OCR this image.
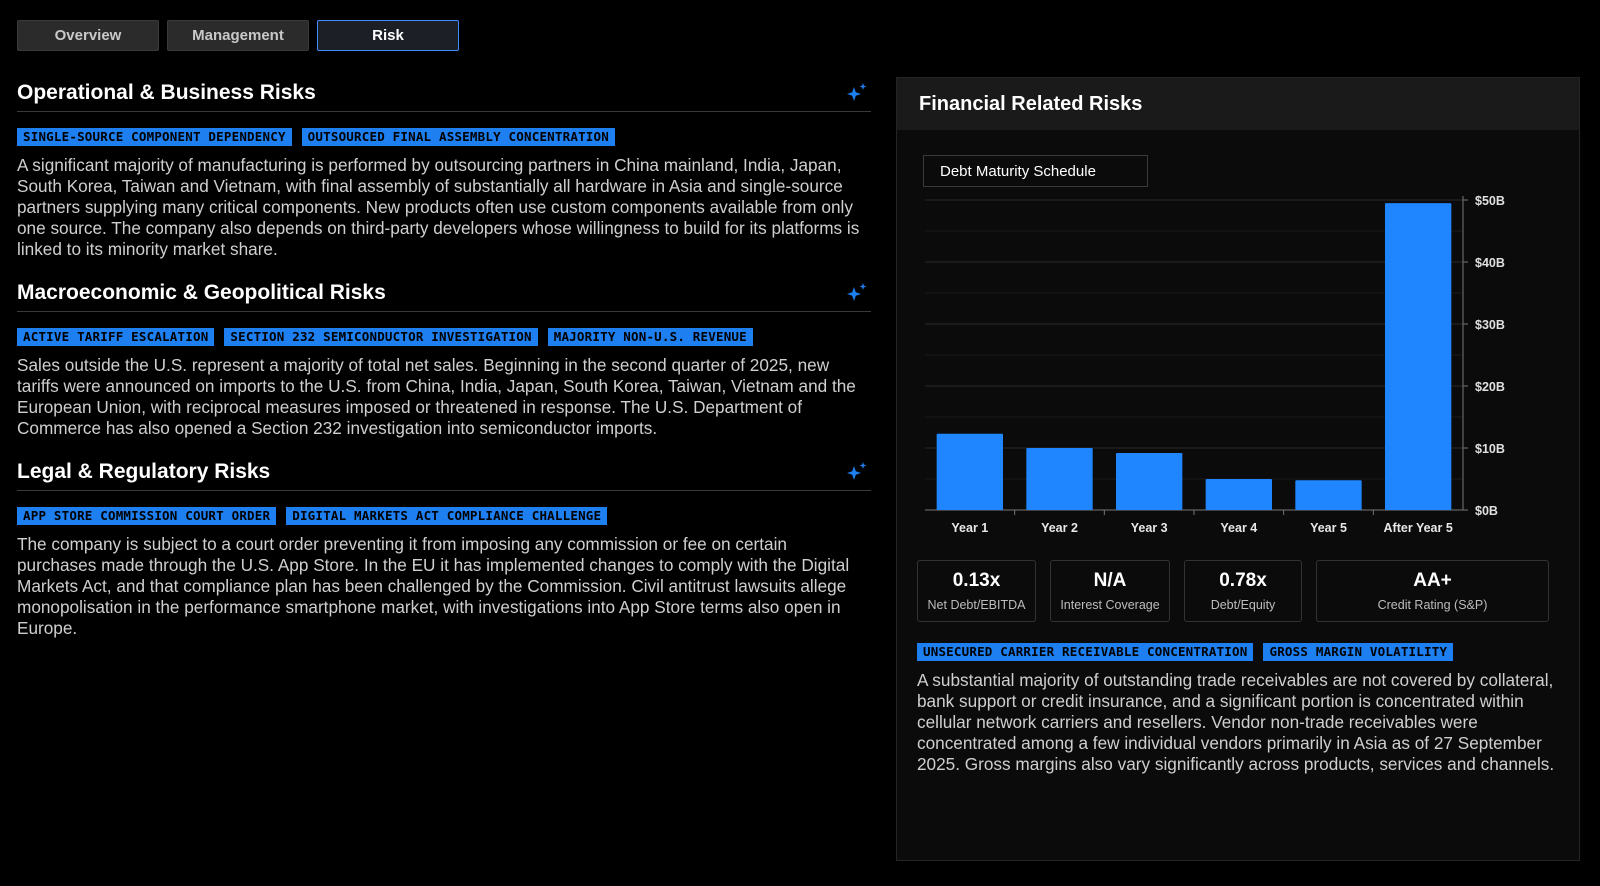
Overview	Management	Risk
Operational & Business Risks
SINGLE-SOURCE COMPONENT DEPENDENCY	OUTSOURCED FINAL ASSEMBLY CONCENTRATION

A significant majority of manufacturing is performed by outsourcing partners in China mainland, India, Japan, South Korea, Taiwan and Vietnam, with final assembly of substantially all hardware in Asia and single-source partners supplying many critical components. New products often use custom components available from only one source. The company also depends on third-party developers whose willingness to build for its platforms is linked to its minority market share.

Macroeconomic & Geopolitical Risks
ACTIVE TARIFF ESCALATION	SECTION 232 SEMICONDUCTOR INVESTIGATION	MAJORITY NON-U.S. REVENUE

Sales outside the U.S. represent a majority of total net sales. Beginning in the second quarter of 2025, new tariffs were announced on imports to the U.S. from China, India, Japan, South Korea, Taiwan, Vietnam and the European Union, with reciprocal measures imposed or threatened in response. The U.S. Department of Commerce has also opened a Section 232 investigation into semiconductor imports.

Legal & Regulatory Risks
APP STORE COMMISSION COURT ORDER	DIGITAL MARKETS ACT COMPLIANCE CHALLENGE

The company is subject to a court order preventing it from imposing any commission or fee on certain purchases made through the U.S. App Store. In the EU it has implemented changes to comply with the Digital Markets Act, and that compliance plan has been challenged by the Commission. Civil antitrust lawsuits allege monopolisation in the performance smartphone market, with investigations into App Store terms also open in Europe.

Financial Related Risks
Debt Maturity Schedule
$0B
$10B
$20B
$30B
$40B
$50B
Year 1	Year 2	Year 3	Year 4	Year 5	After Year 5
0.13x
Net Debt/EBITDA
N/A
Interest Coverage
0.78x
Debt/Equity
AA+
Credit Rating (S&P)
UNSECURED CARRIER RECEIVABLE CONCENTRATION	GROSS MARGIN VOLATILITY

A substantial majority of outstanding trade receivables are not covered by collateral, bank support or credit insurance, and a significant portion is concentrated within cellular network carriers and resellers. Vendor non-trade receivables were concentrated among a few individual vendors primarily in Asia as of 27 September 2025. Gross margins also vary significantly across products, services and channels.
